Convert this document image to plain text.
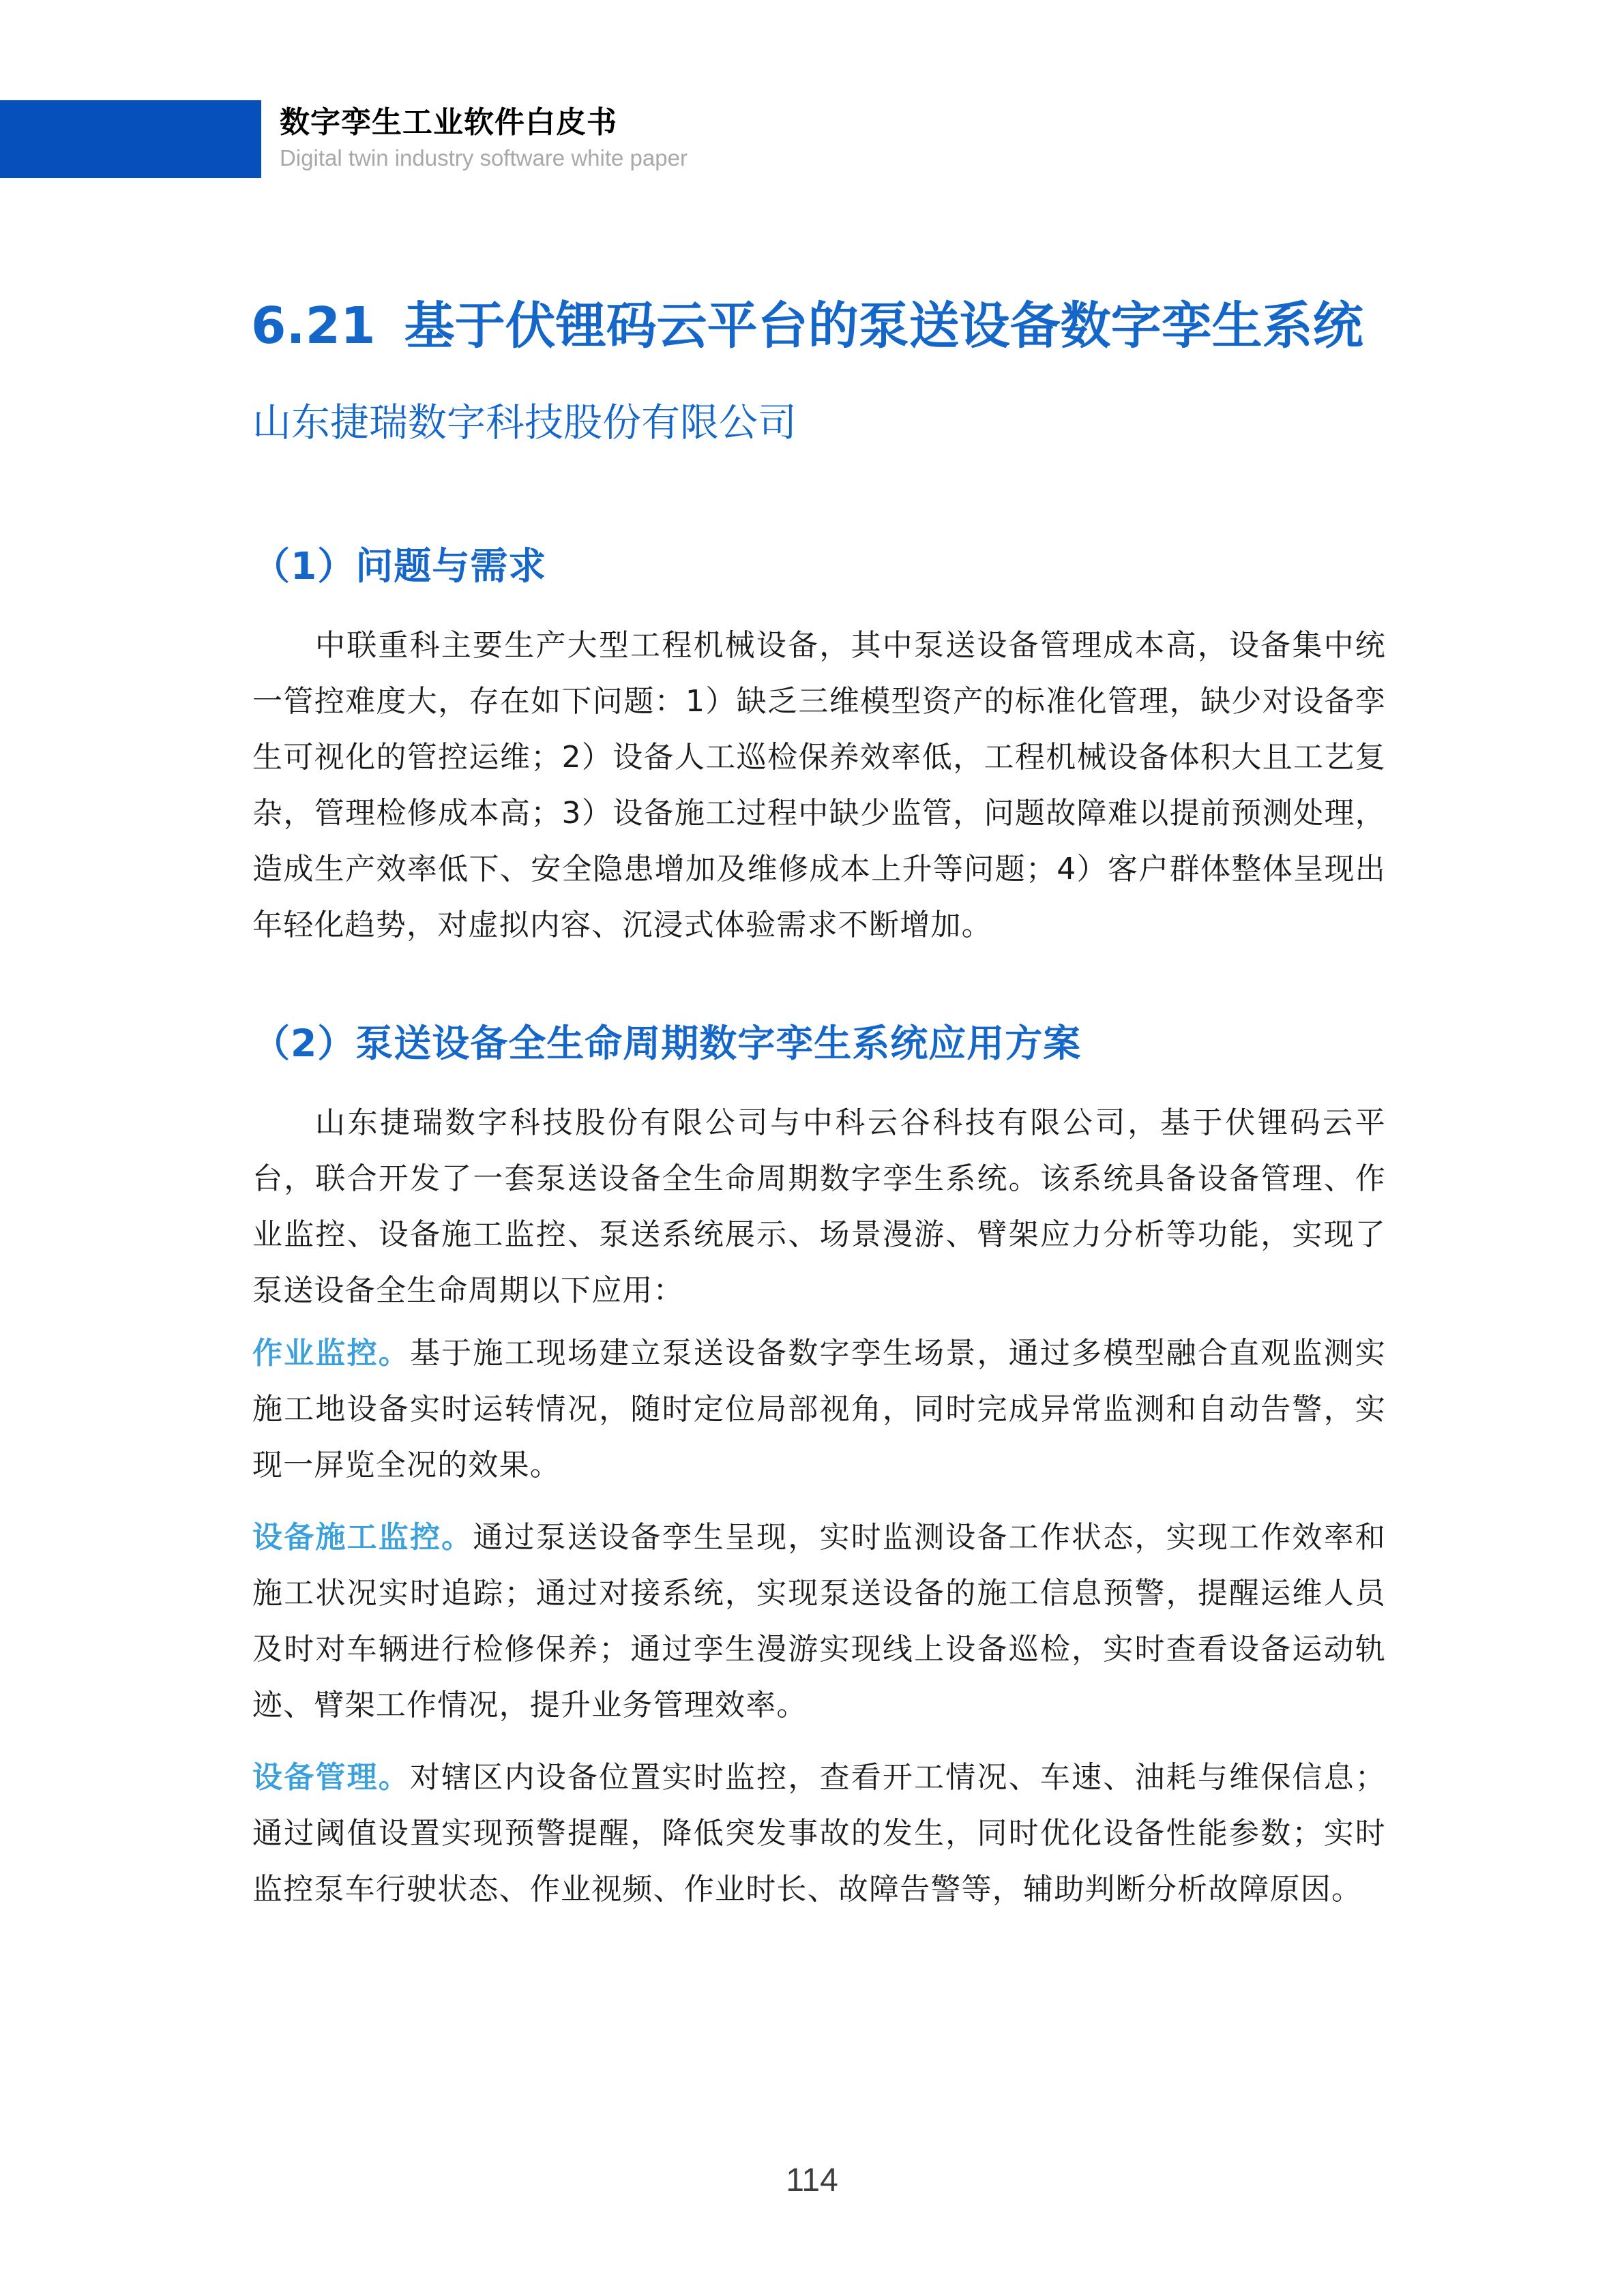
数字孪生工业软件白皮书
Digital twin industry software white paper
6.21 基于伏锂码云平台的泵送设备数字孪生系统
山东捷瑞数字科技股份有限公司
（1）问题与需求

中联重科主要生产大型工程机械设备，其中泵送设备管理成本高，设备集中统一管控难度大，存在如下问题：1）缺乏三维模型资产的标准化管理，缺少对设备孪生可视化的管控运维；2）设备人工巡检保养效率低，工程机械设备体积大且工艺复杂，管理检修成本高；3）设备施工过程中缺少监管，问题故障难以提前预测处理，造成生产效率低下、安全隐患增加及维修成本上升等问题；4）客户群体整体呈现出年轻化趋势，对虚拟内容、沉浸式体验需求不断增加。

（2）泵送设备全生命周期数字孪生系统应用方案

山东捷瑞数字科技股份有限公司与中科云谷科技有限公司，基于伏锂码云平台，联合开发了一套泵送设备全生命周期数字孪生系统。该系统具备设备管理、作业监控、设备施工监控、泵送系统展示、场景漫游、臂架应力分析等功能，实现了泵送设备全生命周期以下应用：

作业监控。基于施工现场建立泵送设备数字孪生场景，通过多模型融合直观监测实施工地设备实时运转情况，随时定位局部视角，同时完成异常监测和自动告警，实现一屏览全况的效果。

设备施工监控。通过泵送设备孪生呈现，实时监测设备工作状态，实现工作效率和施工状况实时追踪；通过对接系统，实现泵送设备的施工信息预警，提醒运维人员及时对车辆进行检修保养；通过孪生漫游实现线上设备巡检，实时查看设备运动轨迹、臂架工作情况，提升业务管理效率。

设备管理。对辖区内设备位置实时监控，查看开工情况、车速、油耗与维保信息；通过阈值设置实现预警提醒，降低突发事故的发生，同时优化设备性能参数；实时监控泵车行驶状态、作业视频、作业时长、故障告警等，辅助判断分析故障原因。

114
